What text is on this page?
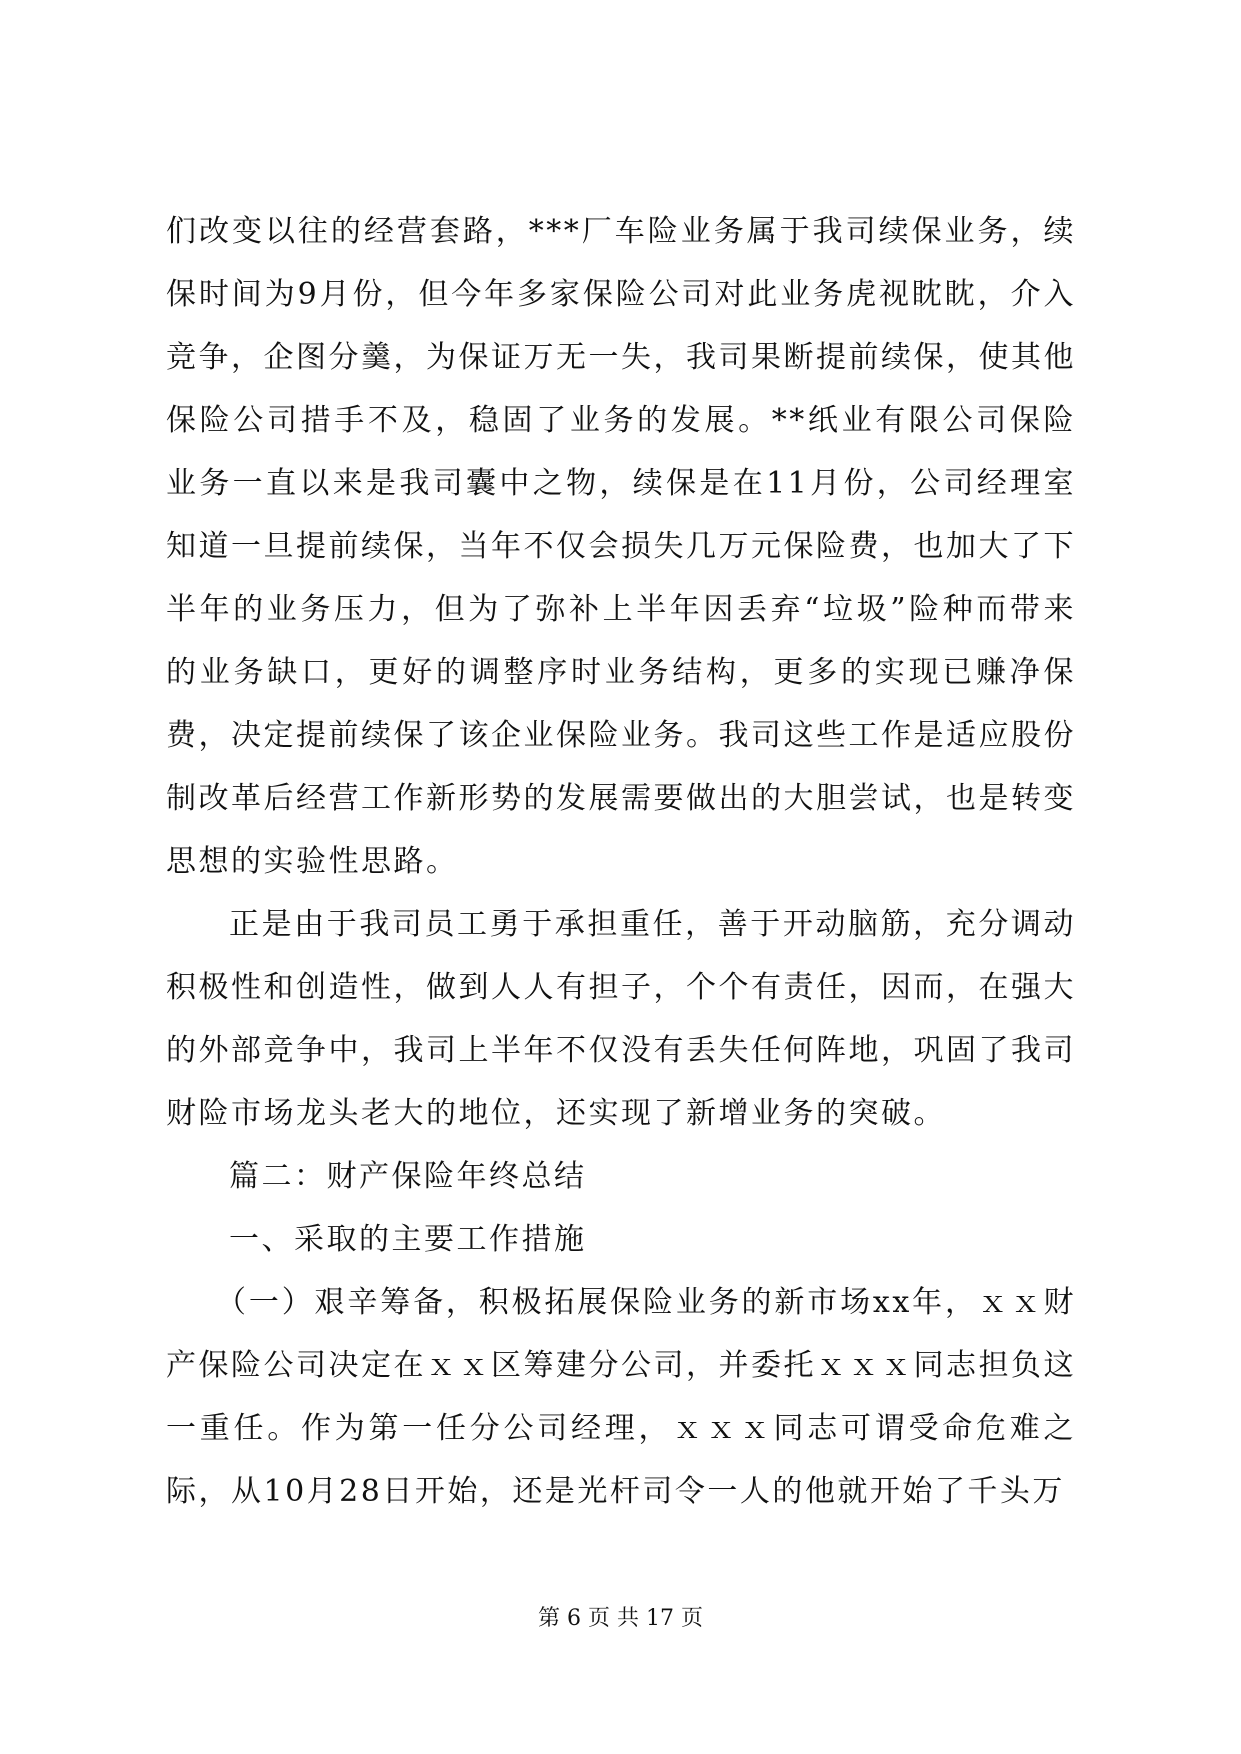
们改变以往的经营套路，***厂车险业务属于我司续保业务，续保时间为9月份，但今年多家保险公司对此业务虎视眈眈，介入竞争，企图分羹，为保证万无一失，我司果断提前续保，使其他保险公司措手不及，稳固了业务的发展。**纸业有限公司保险业务一直以来是我司囊中之物，续保是在11月份，公司经理室知道一旦提前续保，当年不仅会损失几万元保险费，也加大了下半年的业务压力，但为了弥补上半年因丢弃“垃圾”险种而带来的业务缺口，更好的调整序时业务结构，更多的实现已赚净保费，决定提前续保了该企业保险业务。我司这些工作是适应股份制改革后经营工作新形势的发展需要做出的大胆尝试，也是转变思想的实验性思路。

正是由于我司员工勇于承担重任，善于开动脑筋，充分调动积极性和创造性，做到人人有担子，个个有责任，因而，在强大的外部竞争中，我司上半年不仅没有丢失任何阵地，巩固了我司财险市场龙头老大的地位，还实现了新增业务的突破。

篇二：财产保险年终总结

一、采取的主要工作措施

（一）艰辛筹备，积极拓展保险业务的新市场xx年，ｘｘ财产保险公司决定在ｘｘ区筹建分公司，并委托ｘｘｘ同志担负这一重任。作为第一任分公司经理，ｘｘｘ同志可谓受命危难之际，从10月28日开始，还是光杆司令一人的他就开始了千头万

第 6 页 共 17 页
